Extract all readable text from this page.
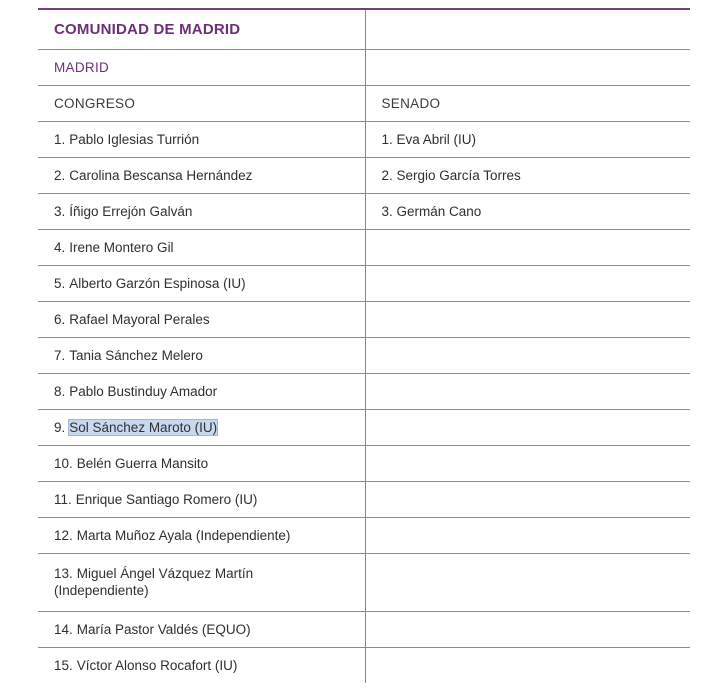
COMUNIDAD DE MADRID	
MADRID	
CONGRESO	SENADO
1. Pablo Iglesias Turrión	1. Eva Abril (IU)
2. Carolina Bescansa Hernández	2. Sergio García Torres
3. Íñigo Errejón Galván	3. Germán Cano
4. Irene Montero Gil	
5. Alberto Garzón Espinosa (IU)	
6. Rafael Mayoral Perales	
7. Tania Sánchez Melero	
8. Pablo Bustinduy Amador	
9. Sol Sánchez Maroto (IU)	
10. Belén Guerra Mansito	
11. Enrique Santiago Romero (IU)	
12. Marta Muñoz Ayala (Independiente)	
13. Miguel Ángel Vázquez Martín
(Independiente)	
14. María Pastor Valdés (EQUO)	
15. Víctor Alonso Rocafort (IU)	
